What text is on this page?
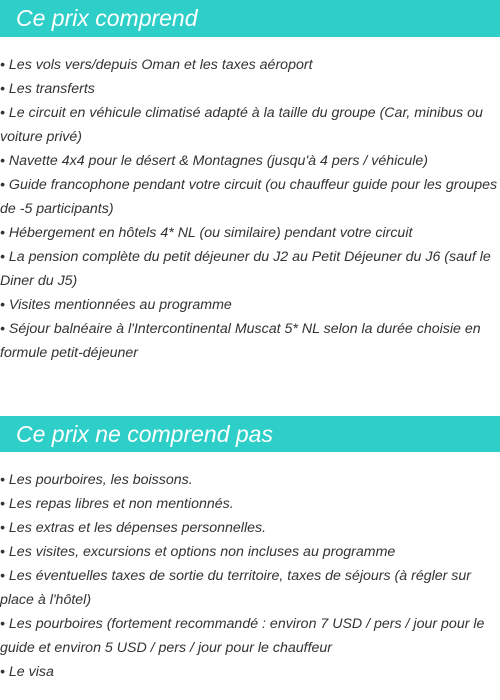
Ce prix comprend
• Les vols vers/depuis Oman et les taxes aéroport
• Les transferts
• Le circuit en véhicule climatisé adapté à la taille du groupe (Car, minibus ou voiture privé)
• Navette 4x4 pour le désert & Montagnes (jusqu'à 4 pers / véhicule)
• Guide francophone pendant votre circuit (ou chauffeur guide pour les groupes de -5 participants)
• Hébergement en hôtels 4* NL (ou similaire) pendant votre circuit
• La pension complète du petit déjeuner du J2 au Petit Déjeuner du J6 (sauf le Diner du J5)
• Visites mentionnées au programme
• Séjour balnéaire à l'Intercontinental Muscat 5* NL selon la durée choisie en formule petit-déjeuner
Ce prix ne comprend pas
• Les pourboires, les boissons.
• Les repas libres et non mentionnés.
• Les extras et les dépenses personnelles.
• Les visites, excursions et options non incluses au programme
• Les éventuelles taxes de sortie du territoire, taxes de séjours (à régler sur place à l'hôtel)
• Les pourboires (fortement recommandé : environ 7 USD / pers / jour pour le guide et environ 5 USD / pers / jour pour le chauffeur
• Le visa
